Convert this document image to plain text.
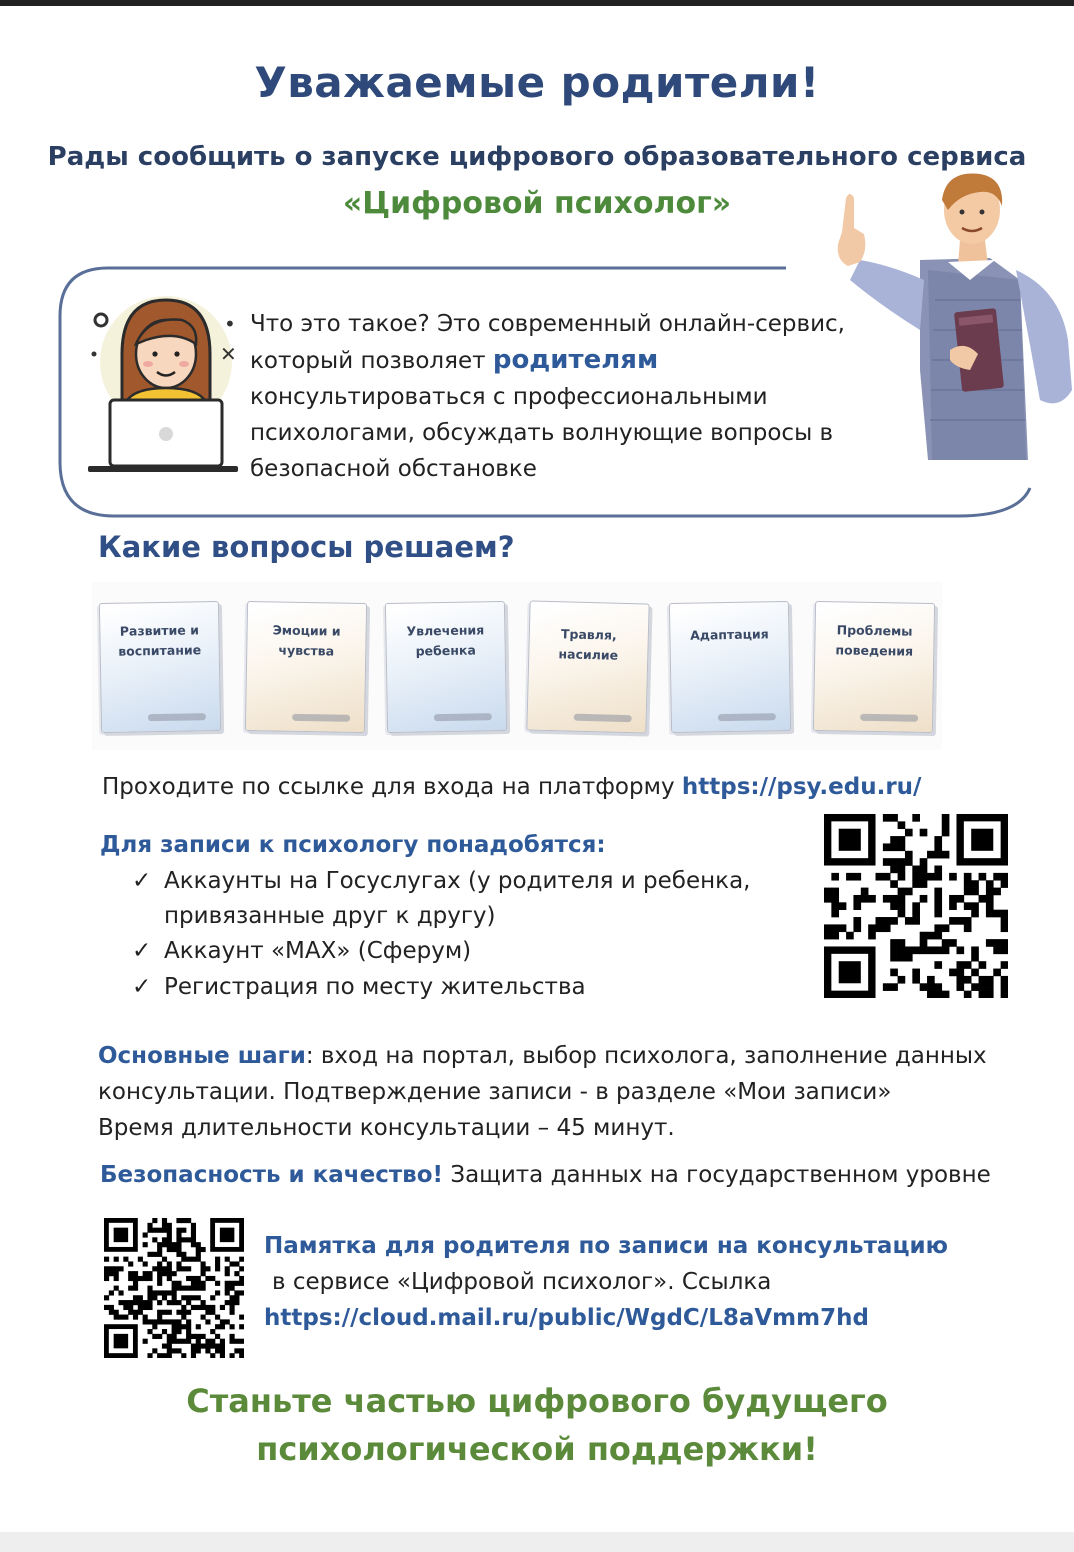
Уважаемые родители!
Рады сообщить о запуске цифрового образовательного сервиса
«Цифровой психолог»
•
✕
Что это такое? Это современный онлайн-сервис,
который позволяет родителям
консультироваться с профессиональными
психологами, обсуждать волнующие вопросы в
безопасной обстановке
Какие вопросы решаем?
Развитие и
воспитание
Эмоции и
чувства
Увлечения
ребенка
Травля,
насилие
Адаптация	Проблемы
поведения
Проходите по ссылке для входа на платформу https://psy.edu.ru/
Для записи к психологу понадобятся:
✓ Аккаунты на Госуслугах (у родителя и ребенка,
привязанные друг к другу)
✓ Аккаунт «MAX» (Сферум)
✓ Регистрация по месту жительства
Основные шаги: вход на портал, выбор психолога, заполнение данных
консультации. Подтверждение записи - в разделе «Мои записи»
Время длительности консультации – 45 минут.
Безопасность и качество! Защита данных на государственном уровне
Памятка для родителя по записи на консультацию
в сервисе «Цифровой психолог». Ссылка
https://cloud.mail.ru/public/WgdC/L8aVmm7hd
Станьте частью цифрового будущего
психологической поддержки!
